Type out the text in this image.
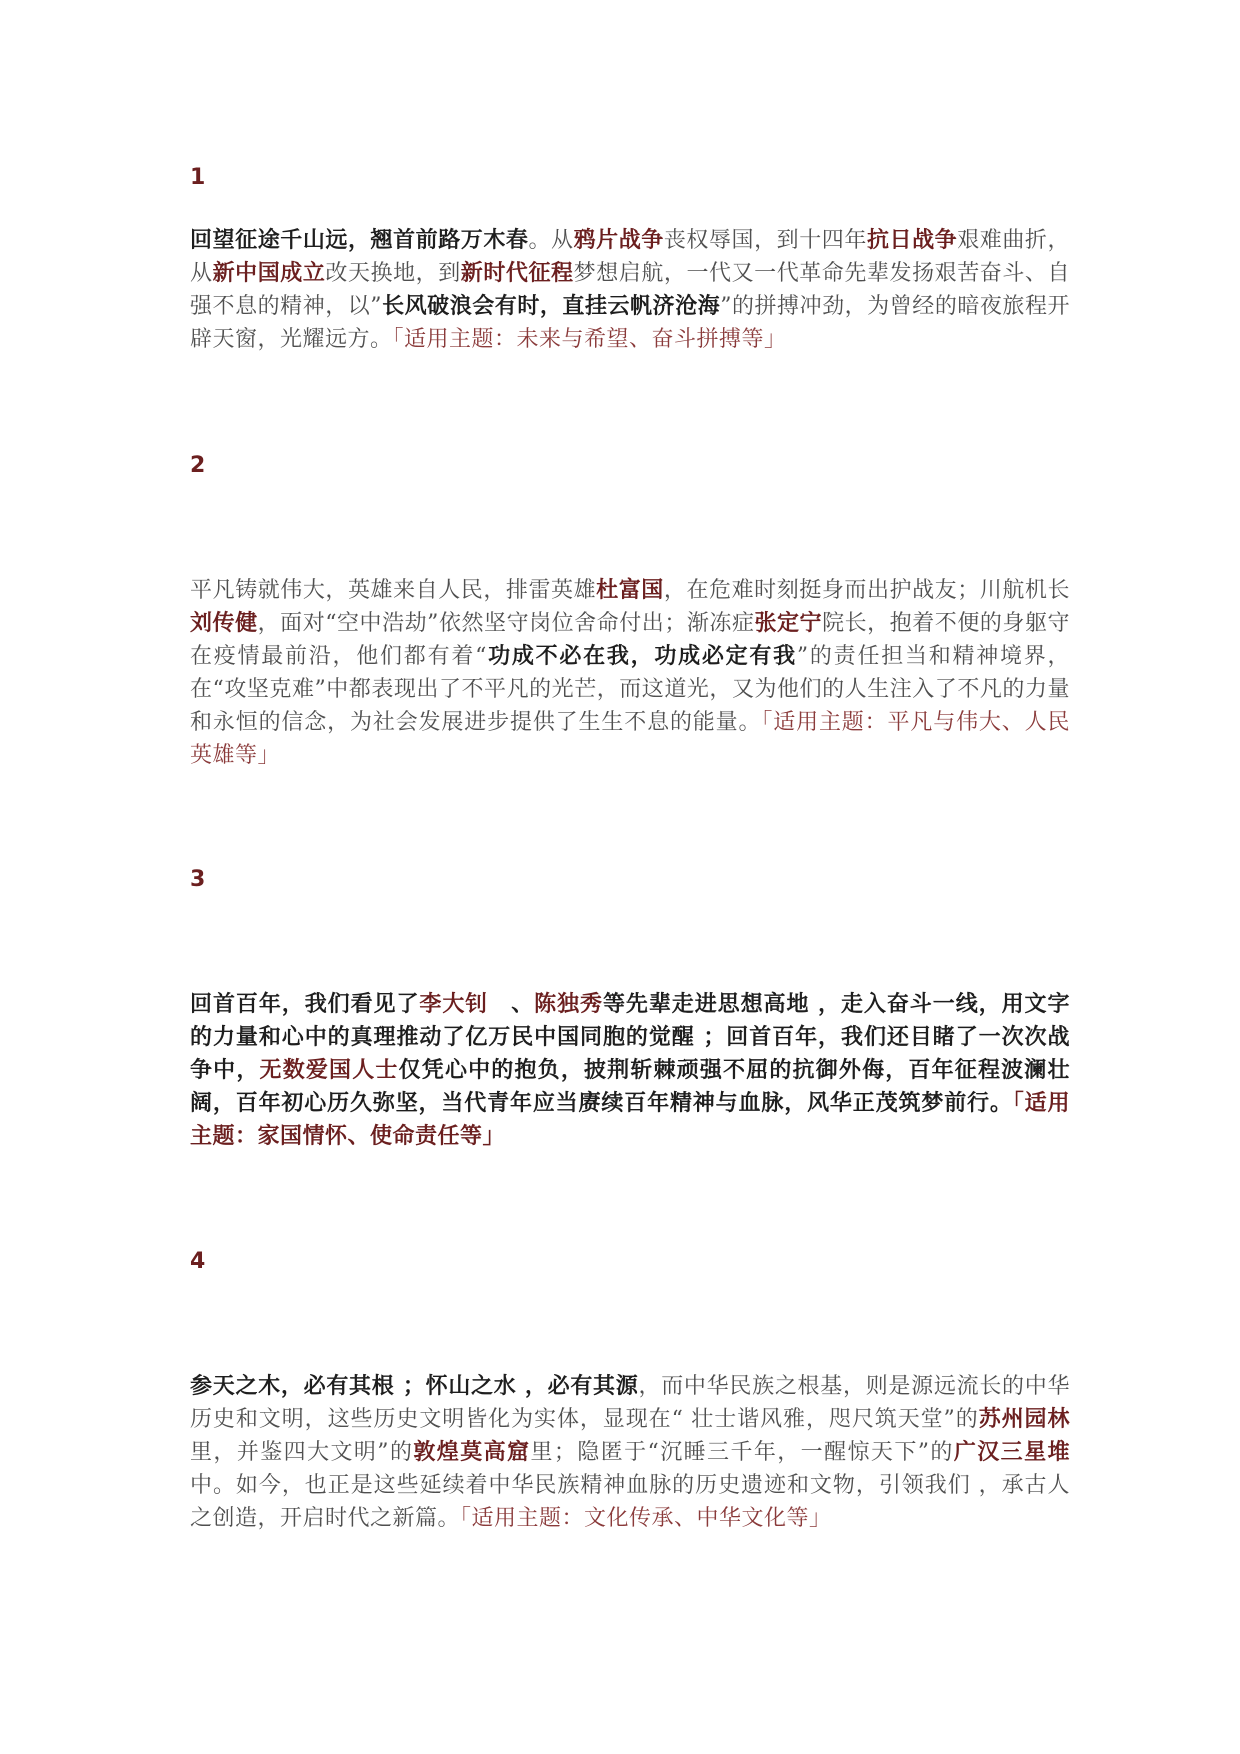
1
回望征途千山远，翘首前路万木春。从鸦片战争丧权辱国，到十四年抗日战争艰难曲折，从新中国成立改天换地，到新时代征程梦想启航，一代又一代革命先辈发扬艰苦奋斗、自强不息的精神，以”长风破浪会有时，直挂云帆济沧海”的拼搏冲劲，为曾经的暗夜旅程开辟天窗，光耀远方。「适用主题：未来与希望、奋斗拼搏等」
2
平凡铸就伟大，英雄来自人民，排雷英雄杜富国，在危难时刻挺身而出护战友；川航机长刘传健，面对“空中浩劫”依然坚守岗位舍命付出；渐冻症张定宁院长，抱着不便的身躯守在疫情最前沿，他们都有着“功成不必在我，功成必定有我”的责任担当和精神境界，在“攻坚克难”中都表现出了不平凡的光芒，而这道光，又为他们的人生注入了不凡的力量和永恒的信念，为社会发展进步提供了生生不息的能量。「适用主题：平凡与伟大、人民英雄等」
3
回首百年，我们看见了李大钊　、陈独秀等先辈走进思想高地 ，走入奋斗一线，用文字的力量和心中的真理推动了亿万民中国同胞的觉醒 ；回首百年，我们还目睹了一次次战争中，无数爱国人士仅凭心中的抱负，披荆斩棘顽强不屈的抗御外侮，百年征程波澜壮阔，百年初心历久弥坚，当代青年应当赓续百年精神与血脉，风华正茂筑梦前行。「适用主题：家国情怀、使命责任等」
4
参天之木，必有其根 ；怀山之水 ，必有其源，而中华民族之根基，则是源远流长的中华历史和文明，这些历史文明皆化为实体，显现在“ 壮士谐风雅，咫尺筑天堂”的苏州园林里，并鉴四大文明”的敦煌莫高窟里；隐匿于“沉睡三千年，一醒惊天下”的广汉三星堆中。如今，也正是这些延续着中华民族精神血脉的历史遗迹和文物，引领我们 ，承古人之创造，开启时代之新篇。「适用主题：文化传承、中华文化等」
